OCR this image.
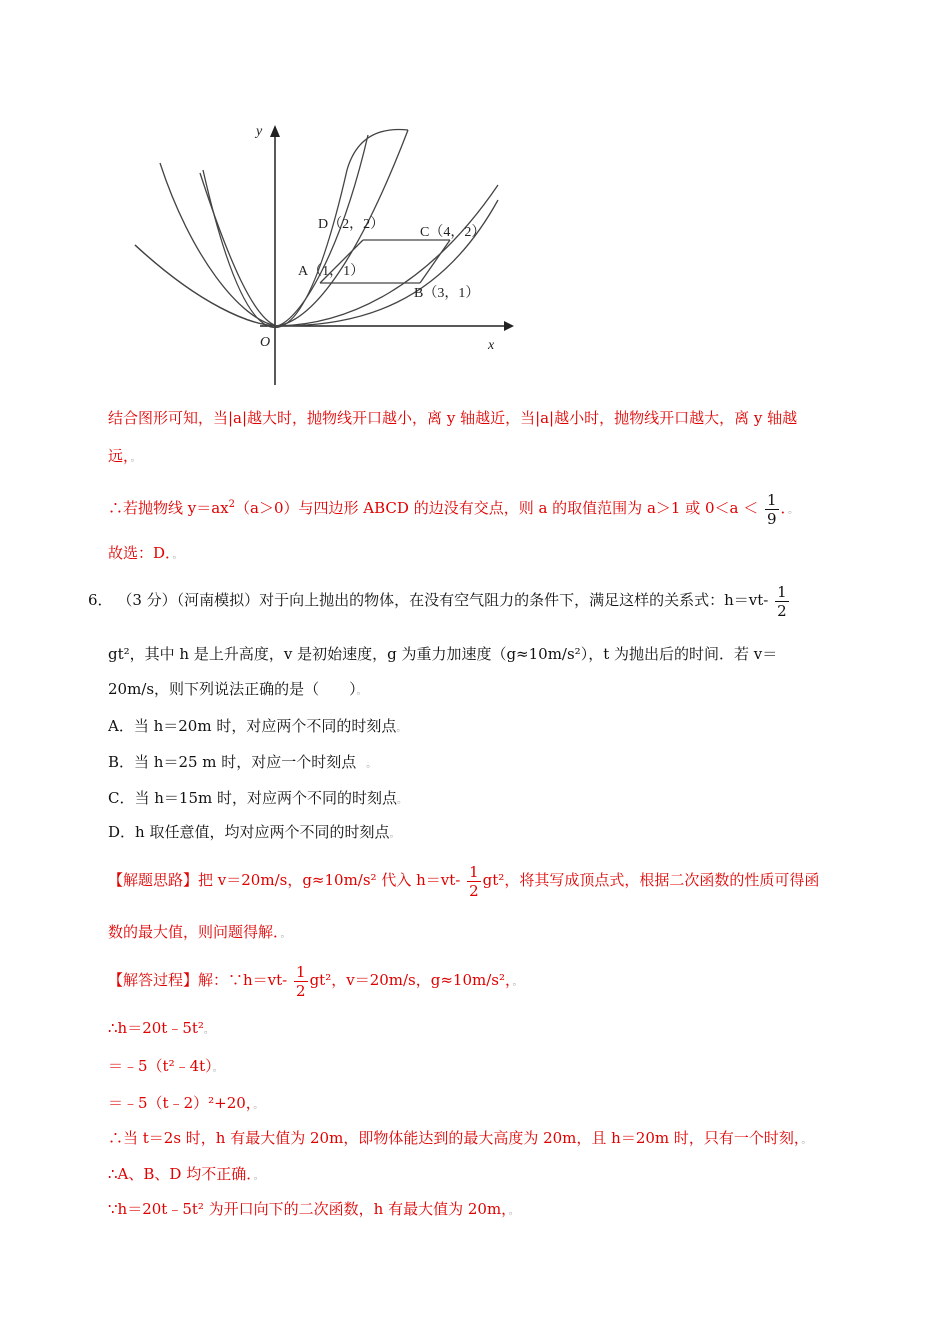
y
x
O
D（2，2）
C（4，2）
A（1，1）
B（3，1）
结合图形可知，当|a|越大时，抛物线开口越小，离 y 轴越近，当|a|越小时，抛物线开口越大，离 y 轴越
远，。
∴若抛物线 $y=ax^2(a>0)$与四边形 ABCD 的边没有交点，则 a 的取值范围为 a＞1 或 $0<a < \frac{1}{9}$ ．。
故选：D．。
6． （3 分）（河南模拟）对于向上抛出的物体，在没有空气阻力的条件下，满足这样的关系式：$h=vt- \frac{1}{2}$
gt²，其中 h 是上升高度，v 是初始速度，g 为重力加速度（g≈10m/s²），t 为抛出后的时间．若 v＝
20m/s，则下列说法正确的是（　　）。
A．当 h＝20m 时，对应两个不同的时刻点。
B．当 h＝25 m 时，对应一个时刻点　。
C．当 h＝15m 时，对应两个不同的时刻点。
D．h 取任意值，均对应两个不同的时刻点。
【解题思路】把 v＝20m/s，g≈10m/s² 代入 $h=vt- \frac{1}{2} gt^2$，将其写成顶点式，根据二次函数的性质可得函
数的最大值，则问题得解．。
【解答过程】解：∵h＝vt- $\frac{1}{2} gt^2$，v＝20m/s，g≈10m/s²，。
∴h＝20t﹣5t²。
＝﹣5（t²﹣4t）。
＝﹣5（t﹣2）²+20，。
∴当 t＝2s 时，h 有最大值为 20m，即物体能达到的最大高度为 20m，且 h＝20m 时，只有一个时刻，。
∴A、B、D 均不正确．。
∵h＝20t﹣5t² 为开口向下的二次函数，h 有最大值为 20m，。
